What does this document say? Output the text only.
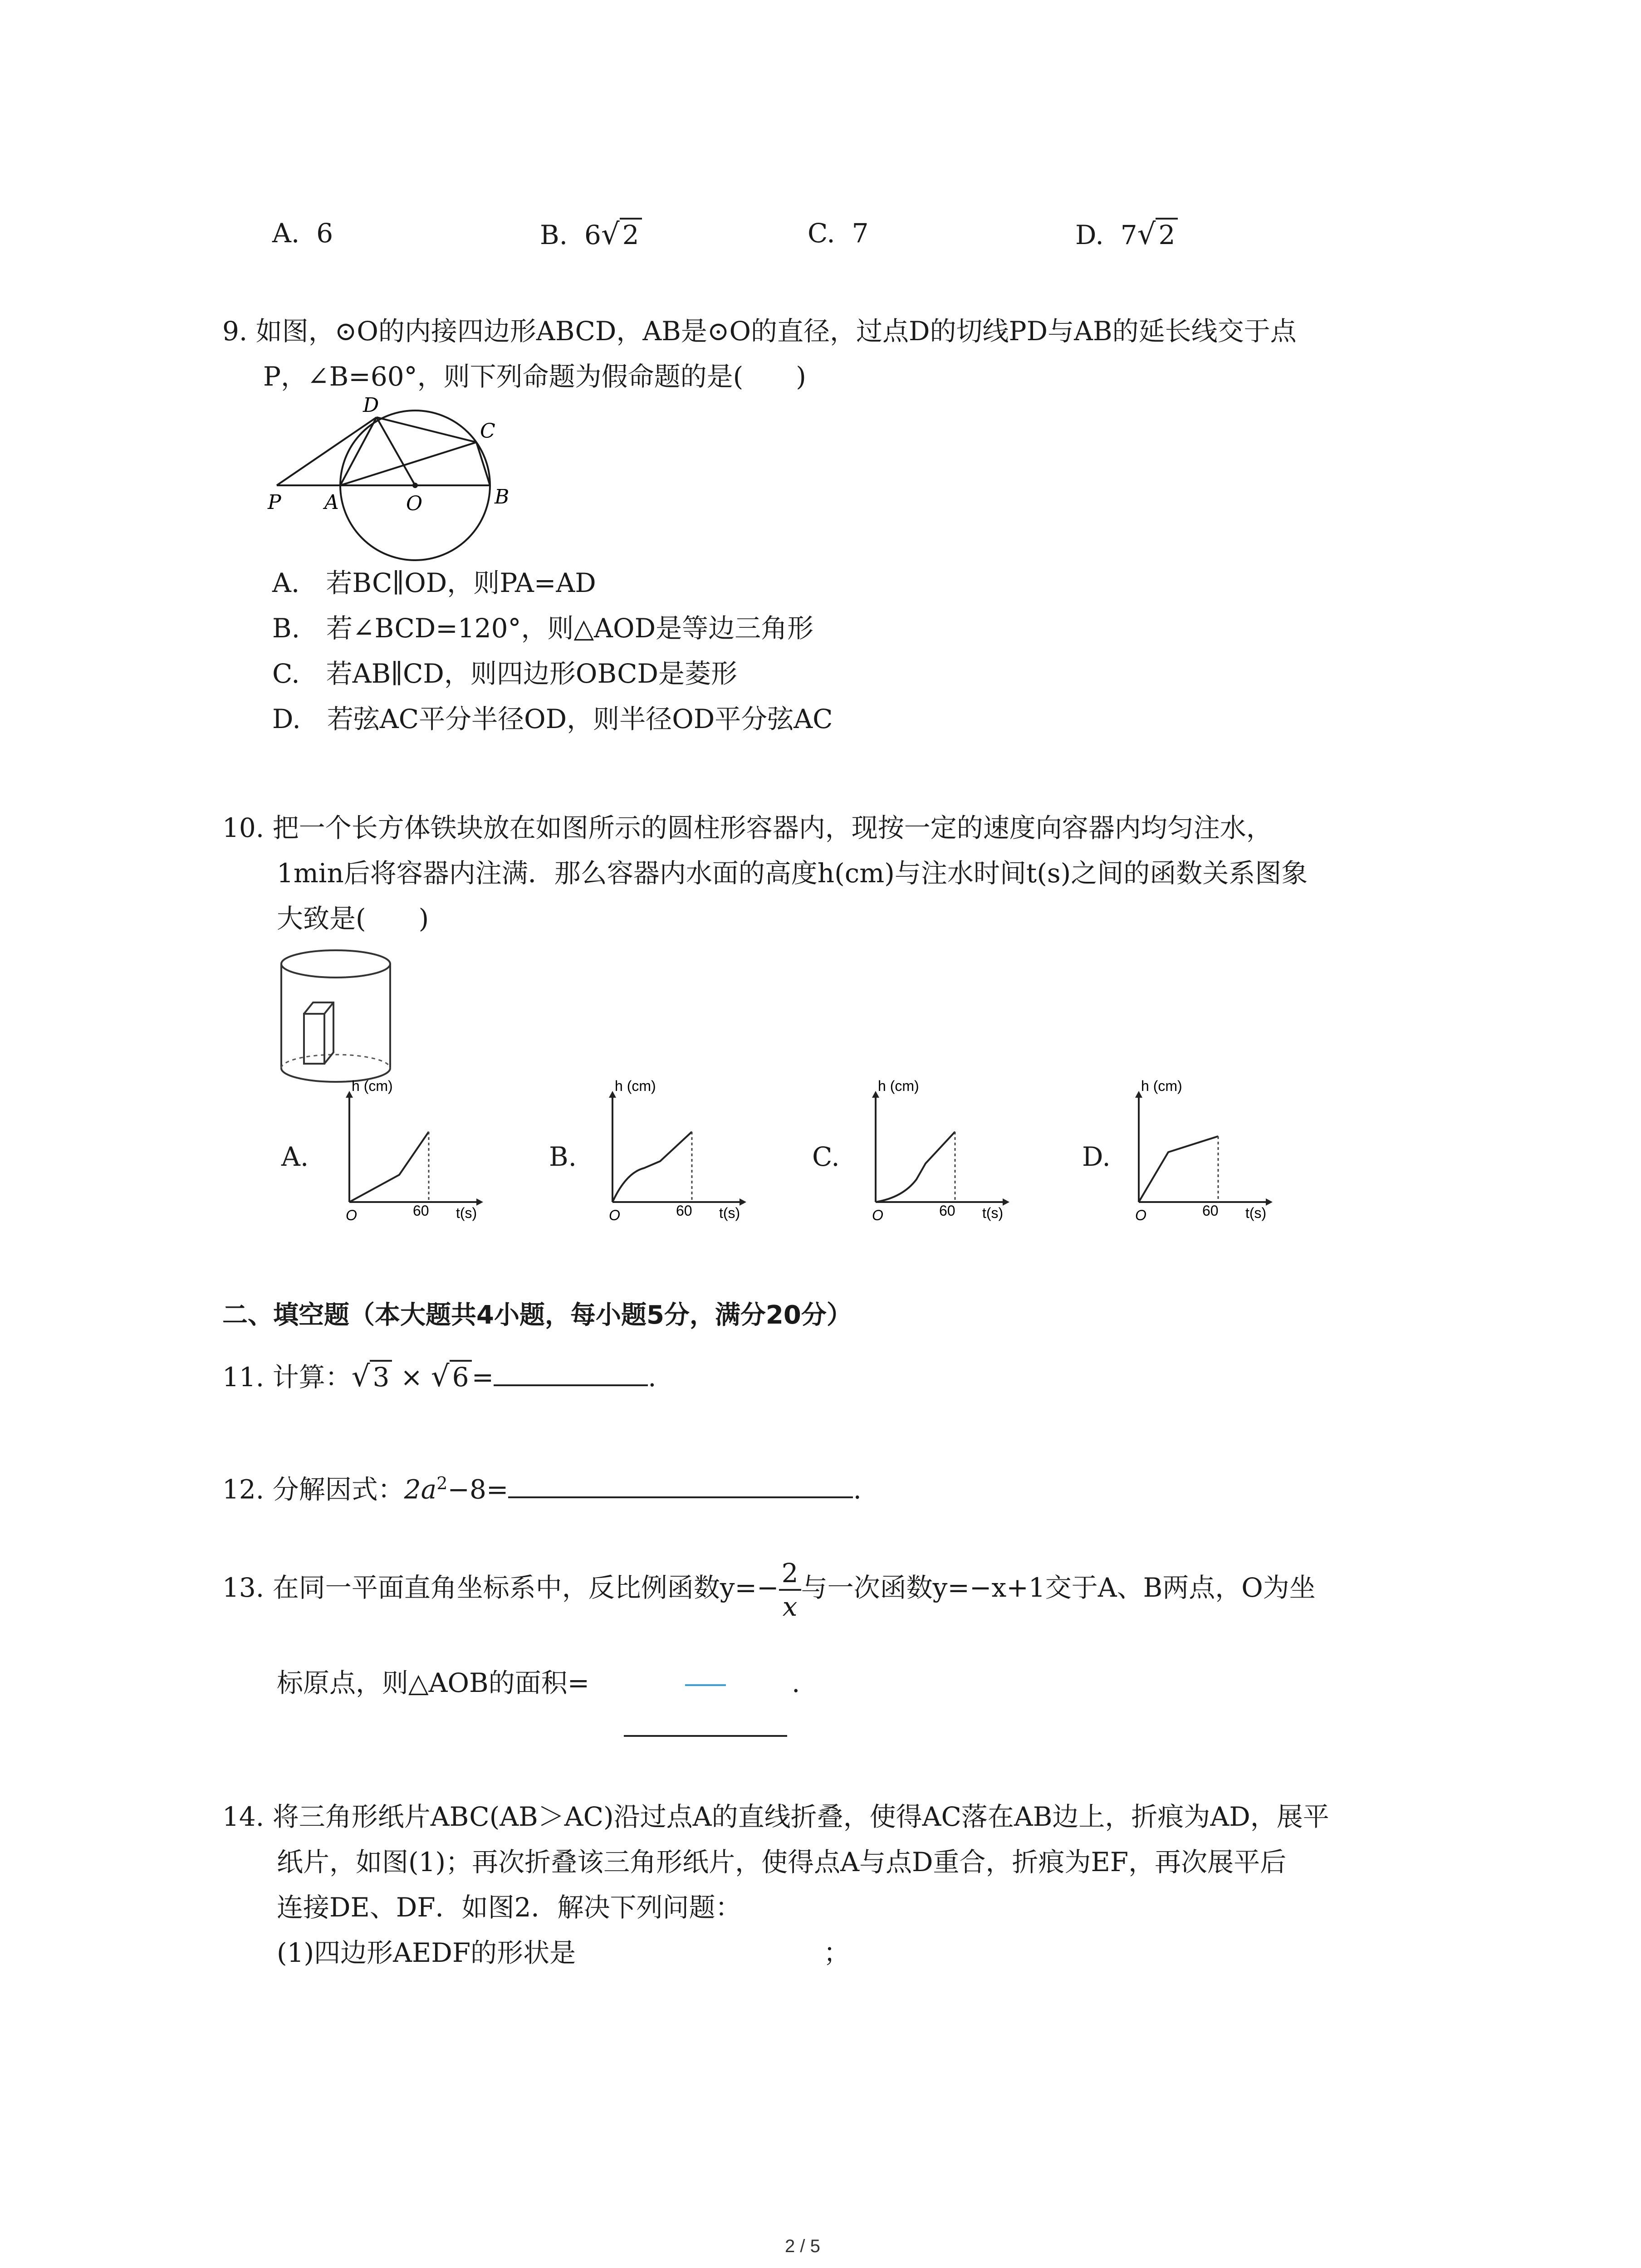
A. 6	B. 6√ 2	C. 7	D. 7√ 2
9. 如图，⊙O的内接四边形ABCD，AB是⊙O的直径，过点D的切线PD与AB的延长线交于点
P，∠B=60°，则下列命题为假命题的是(　　)
P A	O	B
C
D
A.　若BC∥OD，则PA=AD
B.　若∠BCD=120°，则△AOD是等边三角形
C.　若AB∥CD，则四边形OBCD是菱形
D.　若弦AC平分半径OD，则半径OD平分弦AC
10. 把一个长方体铁块放在如图所示的圆柱形容器内，现按一定的速度向容器内均匀注水，
1min后将容器内注满．那么容器内水面的高度h(cm)与注水时间t(s)之间的函数关系图象
大致是(　　)
A.
h (cm)
O	60 t(s)
B.
h (cm)
O	60 t(s)
C.
h (cm)
O	60 t(s)
D.
h (cm)
O	60 t(s)
二、填空题（本大题共4小题，每小题5分，满分20分）
11. 计算：√ 3 × √ 6 =	.
12. 分解因式：$2a^2-8=$	.
13. 在同一平面直角坐标系中，反比例函数$y=- \frac{2}{x}$ 与一次函数y=−x+1交于A、B两点，O为坐
标原点，则△AOB的面积=	.
14. 将三角形纸片ABC(AB＞AC)沿过点A的直线折叠，使得AC落在AB边上，折痕为AD，展平
纸片，如图(1)；再次折叠该三角形纸片，使得点A与点D重合，折痕为EF，再次展平后
连接DE、DF．如图2．解决下列问题：
(1)四边形AEDF的形状是	；
2 / 5
